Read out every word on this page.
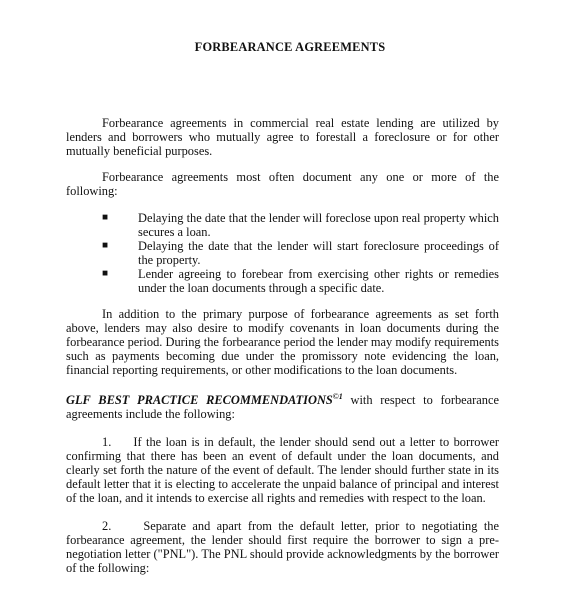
FORBEARANCE AGREEMENTS

Forbearance agreements in commercial real estate lending are utilized by lenders and borrowers who mutually agree to forestall a foreclosure or for other mutually beneficial purposes.

Forbearance agreements most often document any one or more of the following:

■ Delaying the date that the lender will foreclose upon real property which secures a loan.
■ Delaying the date that the lender will start foreclosure proceedings of the property.
■ Lender agreeing to forebear from exercising other rights or remedies under the loan documents through a specific date.

In addition to the primary purpose of forbearance agreements as set forth above, lenders may also desire to modify covenants in loan documents during the forbearance period. During the forbearance period the lender may modify requirements such as payments becoming due under the promissory note evidencing the loan, financial reporting requirements, or other modifications to the loan documents.

GLF BEST PRACTICE $RECOMMENDATIONS^{©1}$ with respect to forbearance agreements include the following:

1. If the loan is in default, the lender should send out a letter to borrower confirming that there has been an event of default under the loan documents, and clearly set forth the nature of the event of default. The lender should further state in its default letter that it is electing to accelerate the unpaid balance of principal and interest of the loan, and it intends to exercise all rights and remedies with respect to the loan.

2.	Separate and apart from the default letter, prior to negotiating the forbearance agreement, the lender should first require the borrower to sign a pre-negotiation letter ("PNL"). The PNL should provide acknowledgments by the borrower of the following:
